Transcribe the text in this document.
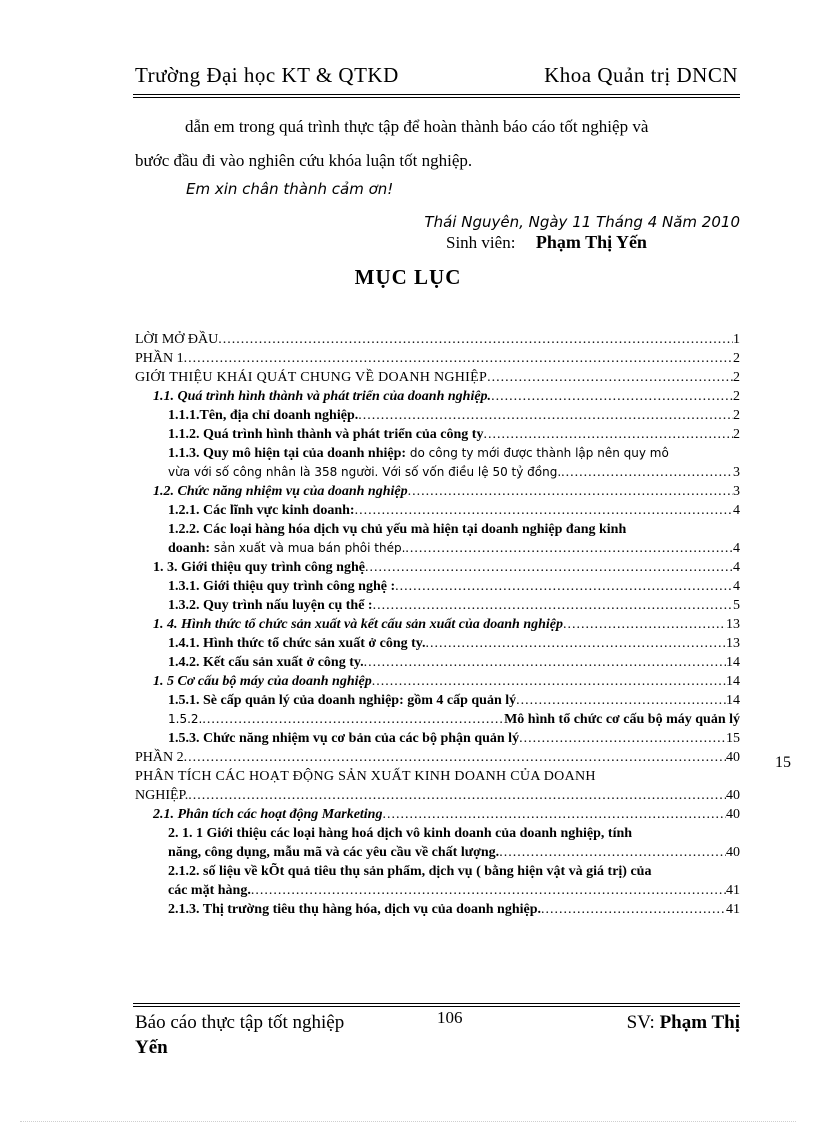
Trường Đại học KT & QTKD	Khoa Quản trị DNCN
dẫn em trong quá trình thực tập để hoàn thành báo cáo tốt nghiệp và
bước đầu đi vào nghiên cứu khóa luận tốt nghiệp.
Em xin chân thành cảm ơn!
Thái Nguyên, Ngày 11 Tháng 4 Năm 2010
Sinh viên: Phạm Thị Yến
MỤC LỤC
LỜI MỞ ĐẦU .....	1
PHẦN 1 .....	2
GIỚI THIỆU KHÁI QUÁT CHUNG VỀ DOANH NGHIỆP .....	2
1.1. Quá trình hình thành và phát triển của doanh nghiệp. .....	2
1.1.1.Tên, địa chỉ doanh nghiệp. .....	2
1.1.2. Quá trình hình thành và phát triển của công ty .....	2
1.1.3. Quy mô hiện tại của doanh nhiệp: do công ty mới được thành lập nên quy mô
vừa với số công nhân là 358 người. Với số vốn điều lệ 50 tỷ đồng. .....	3
1.2. Chức năng nhiệm vụ của doanh nghiệp .....	3
1.2.1. Các lĩnh vực kinh doanh: .....	4
1.2.2. Các loại hàng hóa dịch vụ chủ yếu mà hiện tại doanh nghiệp đang kinh
doanh: sản xuất và mua bán phôi thép. .....	4
1. 3. Giới thiệu quy trình công nghệ .....	4
1.3.1. Giới thiệu quy trình công nghệ : .....	4
1.3.2. Quy trình nấu luyện cụ thể : .....	5
1. 4. Hình thức tổ chức sản xuất và kết cấu sản xuất của doanh nghiệp .....	13
1.4.1. Hình thức tổ chức sản xuất ở công ty. .....	13
1.4.2. Kết cấu sản xuất ở công ty. .....	14
1. 5 Cơ cấu bộ máy của doanh nghiệp .....	14
1.5.1. Sè cấp quản lý của doanh nghiệp: gồm 4 cấp quản lý .....	14
1.5.2. .....	Mô hình tổ chức cơ cấu bộ máy quản lý
1.5.3. Chức năng nhiệm vụ cơ bản của các bộ phận quản lý .....	15
PHẦN 2 .....	40
PHÂN TÍCH CÁC HOẠT ĐỘNG SẢN XUẤT KINH DOANH CỦA DOANH
NGHIỆP. .....	40
2.1. Phân tích các hoạt động Marketing .....	40
2. 1. 1 Giới thiệu các loại hàng hoá dịch vô kinh doanh của doanh nghiệp, tính
năng, công dụng, mẫu mã và các yêu cầu về chất lượng. .....	40
2.1.2. số liệu về kÕt quả tiêu thụ sản phẩm, dịch vụ ( bằng hiện vật và giá trị) của
các mặt hàng. .....	41
2.1.3. Thị trường tiêu thụ hàng hóa, dịch vụ của doanh nghiệp. .....	41
15
Báo cáo thực tập tốt nghiệp	106	SV: Phạm Thị
Yến
